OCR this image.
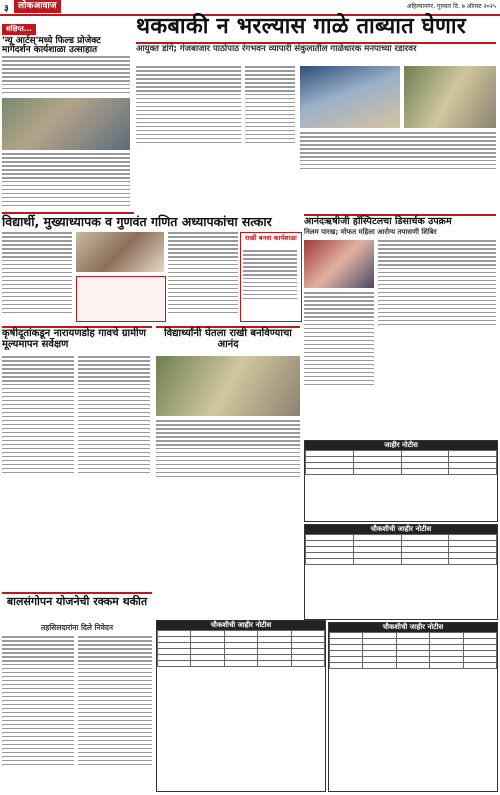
३	लोकआवाज	अहिल्यानगर, गुरुवार दि. ७ ऑगस्ट २०२५
संक्षिप्त...
'न्यू आर्टस्'मध्ये फिल्ड प्रोजेक्ट मार्गदर्शन कार्यशाळा उत्साहात
थकबाकी न भरल्यास गाळे ताब्यात घेणार
आयुक्त डांगे; गंजबाजार पाठोपाठ रंगभवन व्यापारी संकुलातील गाळेधारक मनपाच्या रडारवर
विद्यार्थी, मुख्याध्यापक व गुणवंत गणित अध्यापकांचा सत्कार
राखी बनवा कार्यशाळा
आनंदऋषीजी हॉस्पिटलचा डिसार्चक उपक्रम
निलम पारख; मोफत महिला आरोग्य तपासणी शिबिर
कृषीदूतांकडून नारायणडोह गावचे ग्रामीण मूल्यमापन सर्वेक्षण
विद्यार्थ्यांनी घेतला राखी बनविण्याचा आनंद
जाहीर नोटीस

चौकशीची जाहीर नोटीस

चौकशीची जाहीर नोटीस

					चौकशीची जाहीर नोटीस

बालसंगोपन योजनेची रक्कम थकीत
तहसिलदारांना दिले निवेदन
